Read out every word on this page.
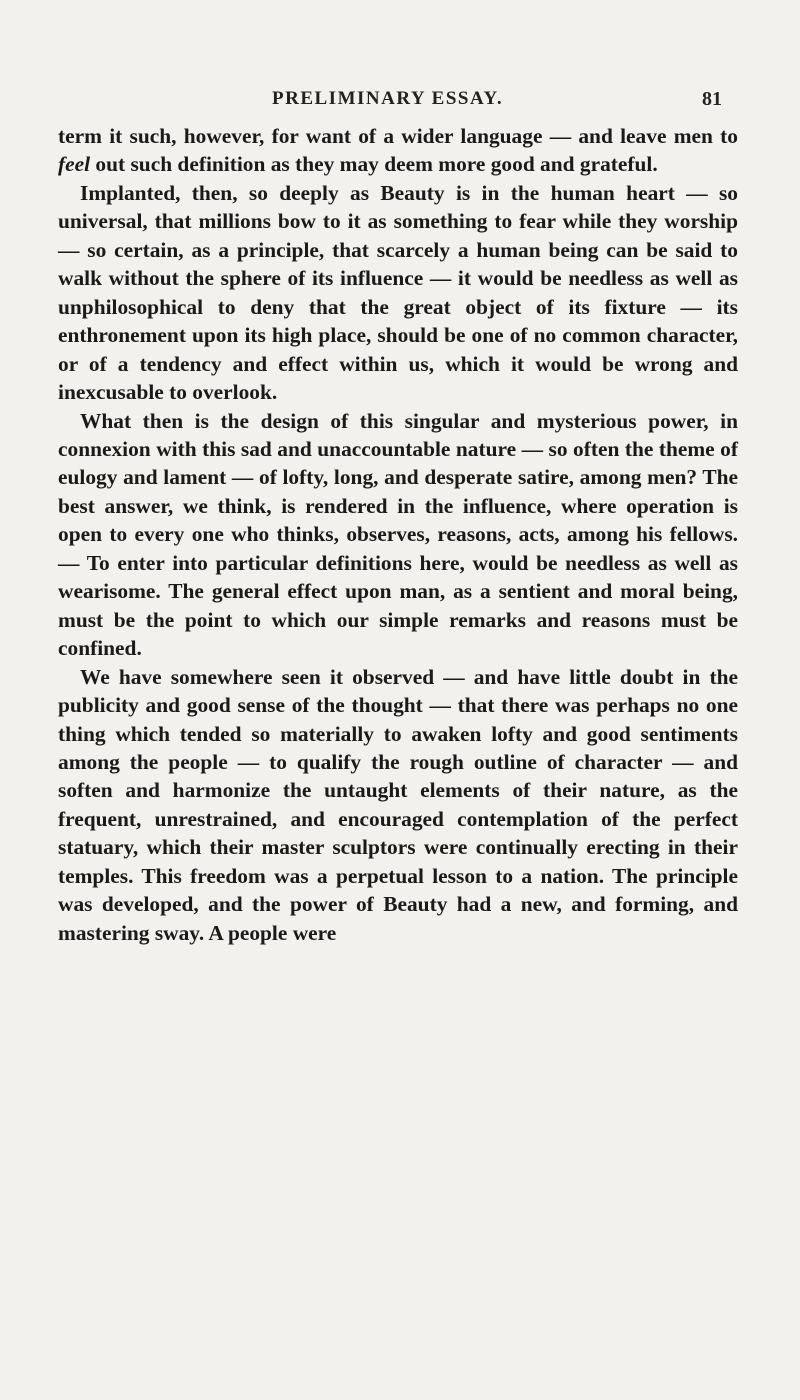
PRELIMINARY ESSAY.	81

term it such, however, for want of a wider language — and leave men to feel out such definition as they may deem more good and grateful.

Implanted, then, so deeply as Beauty is in the human heart — so universal, that millions bow to it as something to fear while they worship — so certain, as a principle, that scarcely a human being can be said to walk without the sphere of its influence — it would be needless as well as unphilosophical to deny that the great object of its fixture — its enthronement upon its high place, should be one of no common character, or of a tendency and effect within us, which it would be wrong and inexcusable to overlook.

What then is the design of this singular and mysterious power, in connexion with this sad and unaccountable nature — so often the theme of eulogy and lament — of lofty, long, and desperate satire, among men? The best answer, we think, is rendered in the influence, where operation is open to every one who thinks, observes, reasons, acts, among his fellows. — To enter into particular definitions here, would be needless as well as wearisome. The general effect upon man, as a sentient and moral being, must be the point to which our simple remarks and reasons must be confined.

We have somewhere seen it observed — and have little doubt in the publicity and good sense of the thought — that there was perhaps no one thing which tended so materially to awaken lofty and good sentiments among the people — to qualify the rough outline of character — and soften and harmonize the untaught elements of their nature, as the frequent, unrestrained, and encouraged contemplation of the perfect statuary, which their master sculptors were continually erecting in their temples. This freedom was a perpetual lesson to a nation. The principle was developed, and the power of Beauty had a new, and forming, and mastering sway. A people were
